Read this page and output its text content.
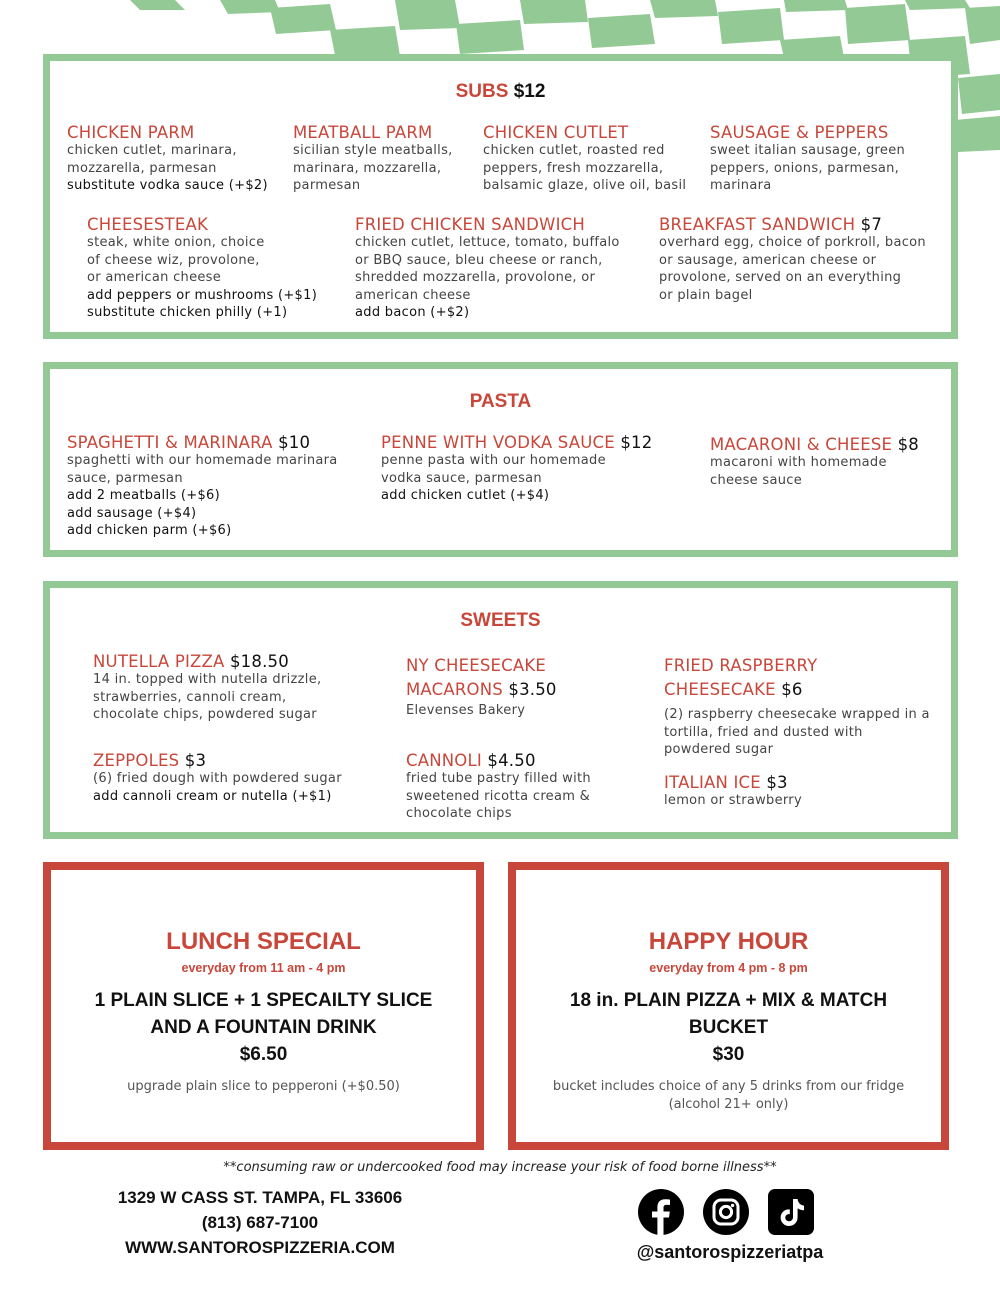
SUBS $12
CHICKEN PARM
chicken cutlet, marinara,
mozzarella, parmesan
substitute vodka sauce (+$2)
MEATBALL PARM
sicilian style meatballs,
marinara, mozzarella,
parmesan
CHICKEN CUTLET
chicken cutlet, roasted red
peppers, fresh mozzarella,
balsamic glaze, olive oil, basil
SAUSAGE & PEPPERS
sweet italian sausage, green
peppers, onions, parmesan,
marinara
CHEESESTEAK
steak, white onion, choice
of cheese wiz, provolone,
or american cheese
add peppers or mushrooms (+$1)
substitute chicken philly (+1)
FRIED CHICKEN SANDWICH
chicken cutlet, lettuce, tomato, buffalo
or BBQ sauce, bleu cheese or ranch,
shredded mozzarella, provolone, or
american cheese
add bacon (+$2)
BREAKFAST SANDWICH $7
overhard egg, choice of porkroll, bacon
or sausage, american cheese or
provolone, served on an everything
or plain bagel
PASTA
SPAGHETTI & MARINARA $10
spaghetti with our homemade marinara
sauce, parmesan
add 2 meatballs (+$6)
add sausage (+$4)
add chicken parm (+$6)
PENNE WITH VODKA SAUCE $12
penne pasta with our homemade
vodka sauce, parmesan
add chicken cutlet (+$4)
MACARONI & CHEESE $8
macaroni with homemade
cheese sauce
SWEETS
NUTELLA PIZZA $18.50
14 in. topped with nutella drizzle,
strawberries, cannoli cream,
chocolate chips, powdered sugar
ZEPPOLES $3
(6) fried dough with powdered sugar
add cannoli cream or nutella (+$1)
NY CHEESECAKE
MACARONS $3.50
Elevenses Bakery
CANNOLI $4.50
fried tube pastry filled with
sweetened ricotta cream &
chocolate chips
FRIED RASPBERRY
CHEESECAKE $6
(2) raspberry cheesecake wrapped in a
tortilla, fried and dusted with
powdered sugar
ITALIAN ICE $3
lemon or strawberry
LUNCH SPECIAL
everyday from 11 am - 4 pm
1 PLAIN SLICE + 1 SPECAILTY SLICE
AND A FOUNTAIN DRINK
$6.50
upgrade plain slice to pepperoni (+$0.50)
HAPPY HOUR
everyday from 4 pm - 8 pm
18 in. PLAIN PIZZA + MIX & MATCH
BUCKET
$30
bucket includes choice of any 5 drinks from our fridge
(alcohol 21+ only)
**consuming raw or undercooked food may increase your risk of food borne illness**
1329 W CASS ST. TAMPA, FL 33606
(813) 687-7100
WWW.SANTOROSPIZZERIA.COM	@santorospizzeriatpa
